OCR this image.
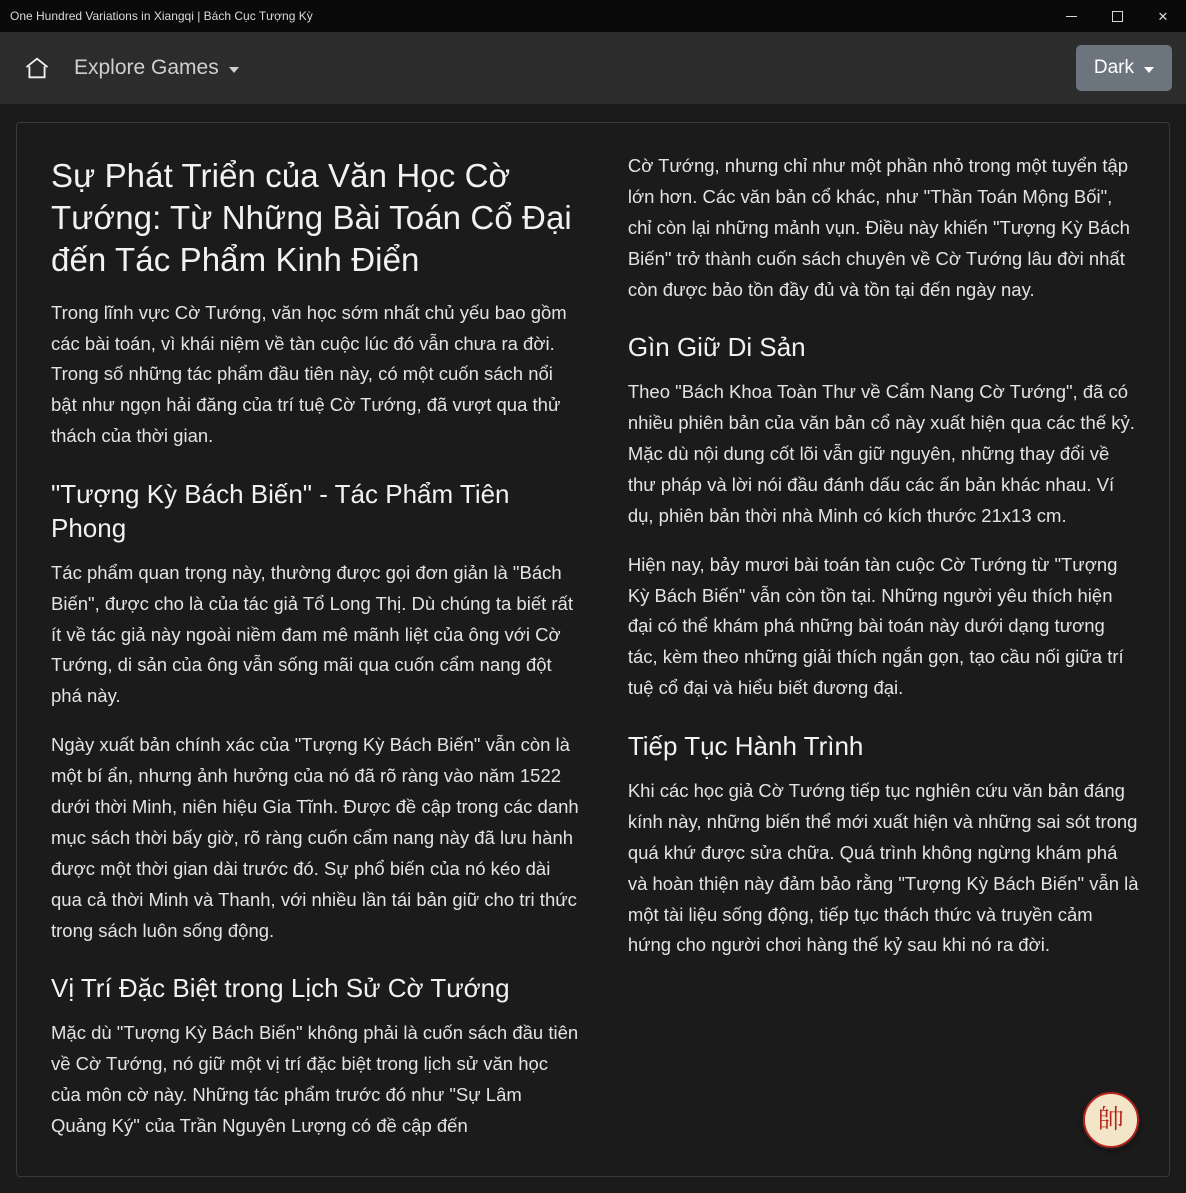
One Hundred Variations in Xiangqi | Bách Cục Tượng Kỳ	✕
Explore Games	Dark
Sự Phát Triển của Văn Học Cờ Tướng: Từ Những Bài Toán Cổ Đại đến Tác Phẩm Kinh Điển

Trong lĩnh vực Cờ Tướng, văn học sớm nhất chủ yếu bao gồm các bài toán, vì khái niệm về tàn cuộc lúc đó vẫn chưa ra đời. Trong số những tác phẩm đầu tiên này, có một cuốn sách nổi bật như ngọn hải đăng của trí tuệ Cờ Tướng, đã vượt qua thử thách của thời gian.

"Tượng Kỳ Bách Biến" - Tác Phẩm Tiên Phong

Tác phẩm quan trọng này, thường được gọi đơn giản là "Bách Biến", được cho là của tác giả Tổ Long Thị. Dù chúng ta biết rất ít về tác giả này ngoài niềm đam mê mãnh liệt của ông với Cờ Tướng, di sản của ông vẫn sống mãi qua cuốn cẩm nang đột phá này.

Ngày xuất bản chính xác của "Tượng Kỳ Bách Biến" vẫn còn là một bí ẩn, nhưng ảnh hưởng của nó đã rõ ràng vào năm 1522 dưới thời Minh, niên hiệu Gia Tĩnh. Được đề cập trong các danh mục sách thời bấy giờ, rõ ràng cuốn cẩm nang này đã lưu hành được một thời gian dài trước đó. Sự phổ biến của nó kéo dài qua cả thời Minh và Thanh, với nhiều lần tái bản giữ cho tri thức trong sách luôn sống động.

Vị Trí Đặc Biệt trong Lịch Sử Cờ Tướng

Mặc dù "Tượng Kỳ Bách Biến" không phải là cuốn sách đầu tiên về Cờ Tướng, nó giữ một vị trí đặc biệt trong lịch sử văn học của môn cờ này. Những tác phẩm trước đó như "Sự Lâm Quảng Ký" của Trần Nguyên Lượng có đề cập đến

Cờ Tướng, nhưng chỉ như một phần nhỏ trong một tuyển tập lớn hơn. Các văn bản cổ khác, như "Thần Toán Mộng Bối", chỉ còn lại những mảnh vụn. Điều này khiến "Tượng Kỳ Bách Biến" trở thành cuốn sách chuyên về Cờ Tướng lâu đời nhất còn được bảo tồn đầy đủ và tồn tại đến ngày nay.

Gìn Giữ Di Sản

Theo "Bách Khoa Toàn Thư về Cẩm Nang Cờ Tướng", đã có nhiều phiên bản của văn bản cổ này xuất hiện qua các thế kỷ. Mặc dù nội dung cốt lõi vẫn giữ nguyên, những thay đổi về thư pháp và lời nói đầu đánh dấu các ấn bản khác nhau. Ví dụ, phiên bản thời nhà Minh có kích thước 21x13 cm.

Hiện nay, bảy mươi bài toán tàn cuộc Cờ Tướng từ "Tượng Kỳ Bách Biến" vẫn còn tồn tại. Những người yêu thích hiện đại có thể khám phá những bài toán này dưới dạng tương tác, kèm theo những giải thích ngắn gọn, tạo cầu nối giữa trí tuệ cổ đại và hiểu biết đương đại.

Tiếp Tục Hành Trình

Khi các học giả Cờ Tướng tiếp tục nghiên cứu văn bản đáng kính này, những biến thể mới xuất hiện và những sai sót trong quá khứ được sửa chữa. Quá trình không ngừng khám phá và hoàn thiện này đảm bảo rằng "Tượng Kỳ Bách Biến" vẫn là một tài liệu sống động, tiếp tục thách thức và truyền cảm hứng cho người chơi hàng thế kỷ sau khi nó ra đời.

帥
